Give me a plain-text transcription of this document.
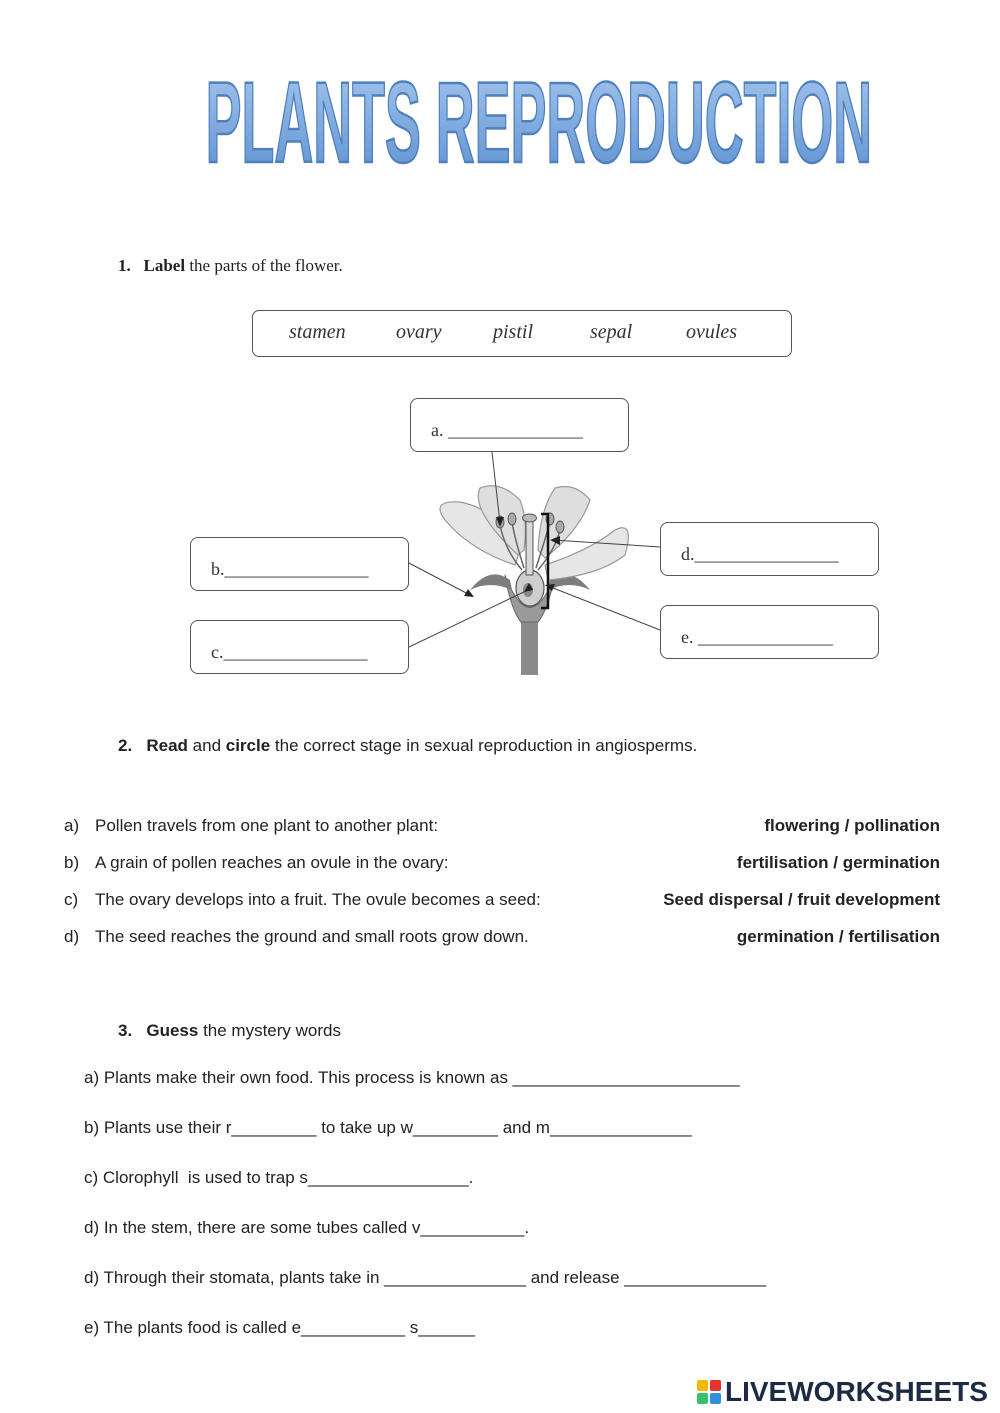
PLANTS REPRODUCTION
PLANTS REPRODUCTION
1. Label the parts of the flower.
stamen	ovary	pistil	sepal	ovules
a. _______________
b.________________
c.________________
d.________________
e. _______________
2. Read and circle the correct stage in sexual reproduction in angiosperms.
a) Pollen travels from one plant to another plant:	flowering / pollination
b) A grain of pollen reaches an ovule in the ovary:	fertilisation / germination
c) The ovary develops into a fruit. The ovule becomes a seed:	Seed dispersal / fruit development
d) The seed reaches the ground and small roots grow down.	germination / fertilisation
3. Guess the mystery words
a) Plants make their own food. This process is known as ________________________
b) Plants use their r_________ to take up w_________ and m_______________
c) Clorophyll  is used to trap s_________________.
d) In the stem, there are some tubes called v___________.
d) Through their stomata, plants take in _______________ and release _______________
e) The plants food is called e___________ s______
LIVEWORKSHEETS
